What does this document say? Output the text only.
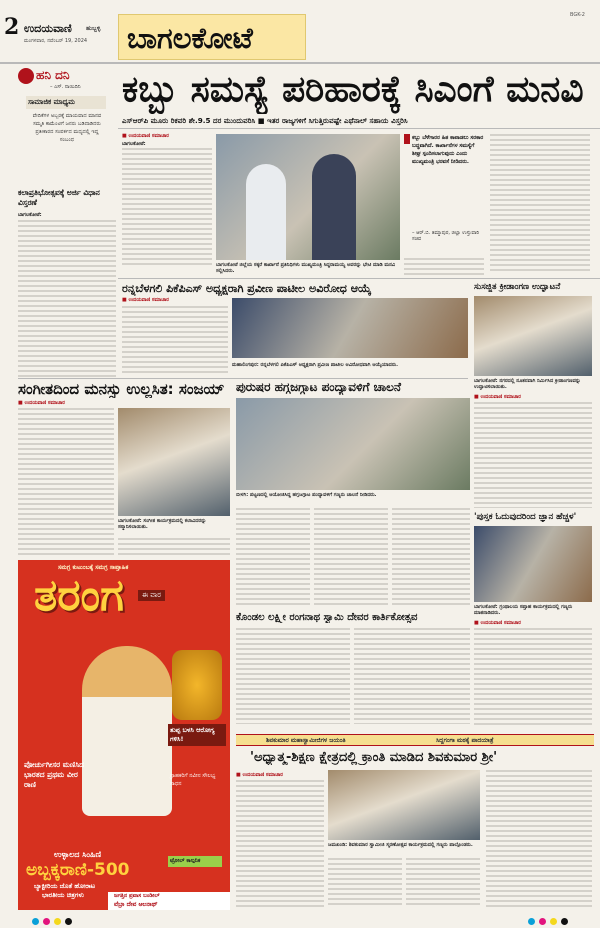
2 ಉದಯವಾಣಿ ಹುಬ್ಬಳ್ಳಿ
ಮಂಗಳವಾರ, ನವೆಂಬರ್ 19, 2024 ಬಾಗಲಕೋಟೆ
BGK-2
ಹನಿ ದನಿ
– ಎಸ್. ನಾಯಿದಿನಿ
ಸಾಮಾಜಿಕ ಮಾಧ್ಯಮ
ವೇದಿಕೆಗಳ ಅಬ್ಬರಕ್ಕೆ ಮಾಯವಾದ ಮಾನವ ಸಮ್ಮತಿ ಕಾಮೆಂಟಿಗೆ ಜನರು ಬಡಿದಾಡಿದರು ಪ್ರತೀಕಾರದ ಸಂಪರ್ಕದ ಮಧ್ಯದಲ್ಲಿ ಇದ್ದ ಸಂಬಂಧ
ಕಲಾಪ್ರತಿಭೋತ್ಸವಕ್ಕೆ ಅರ್ಜಿ ವಿಧಾನ ವಿಸ್ತರಣೆ
ಬಾಗಲಕೋಟೆ:
ಕಬ್ಬು ಸಮಸ್ಯೆ ಪರಿಹಾರಕ್ಕೆ ಸಿಎಂಗೆ ಮನವಿ
ಎಸ್‌ಆರ್‌ಪಿ ಮೂರು ರಿಕವರಿ ಶೇ.9.5 ದರ ಮುಂದುವರಿಸಿ ■ ಇತರ ರಾಜ್ಯಗಳಿಗೆ ಸಿಗುತ್ತಿರುವಷ್ಟೇ ಎಥೆನಾಲ್ ಸಹಾಯ ವಿಸ್ತರಿಸಿ
■ ಉದಯವಾಣಿ ಸಮಾಚಾರ
ಬಾಗಲಕೋಟೆ:
ಬಾಗಲಕೋಟೆ ಜಿಲ್ಲೆಯ ಸಕ್ಕರೆ ಕಾರ್ಖಾನೆ ಪ್ರತಿನಿಧಿಗಳು ಮುಖ್ಯಮಂತ್ರಿ ಸಿದ್ದರಾಮಯ್ಯ ಅವರನ್ನು ಭೇಟಿ ಮಾಡಿ ಮನವಿ ಸಲ್ಲಿಸಿದರು.
ಕಬ್ಬು ಬೆಳೆಗಾರರ ಹಿತ ಕಾಪಾಡಲು ಸರಕಾರ ಬದ್ಧವಾಗಿದೆ. ಕಾರ್ಖಾನೆಗಳ ಸಮಸ್ಯೆಗೆ ಶೀಘ್ರ ಸ್ಪಂದಿಸಲಾಗುವುದು ಎಂದು ಮುಖ್ಯಮಂತ್ರಿ ಭರವಸೆ ನೀಡಿದರು.
– ಆರ್.ಬಿ. ತಿಮ್ಮಾಪುರ, ಜಿಲ್ಲಾ ಉಸ್ತುವಾರಿ ಸಚಿವ
ರನ್ನಬೆಳಗಲಿ ಪಿಕೆಪಿಎಸ್ ಅಧ್ಯಕ್ಷರಾಗಿ ಪ್ರವೀಣ ಪಾಟೀಲ ಅವಿರೋಧ ಆಯ್ಕೆ
■ ಉದಯವಾಣಿ ಸಮಾಚಾರ
ಮಹಾಲಿಂಗಪುರ: ರನ್ನಬೆಳಗಲಿ ಪಿಕೆಪಿಎಸ್ ಅಧ್ಯಕ್ಷರಾಗಿ ಪ್ರವೀಣ ಪಾಟೀಲ ಅವಿರೋಧವಾಗಿ ಆಯ್ಕೆಯಾದರು.
ಸುಸಜ್ಜಿತ ಕ್ರೀಡಾಂಗಣ ಉದ್ಘಾಟನೆ
ಬಾಗಲಕೋಟೆ: ನಗರದಲ್ಲಿ ನೂತನವಾಗಿ ನಿರ್ಮಿಸಿದ ಕ್ರೀಡಾಂಗಣವನ್ನು ಉದ್ಘಾಟಿಸಲಾಯಿತು.
■ ಉದಯವಾಣಿ ಸಮಾಚಾರ
ಸಂಗೀತದಿಂದ ಮನಸ್ಸು ಉಲ್ಲಸಿತ: ಸಂಜಯ್
■ ಉದಯವಾಣಿ ಸಮಾಚಾರ
ಬಾಗಲಕೋಟೆ: ಸಂಗೀತ ಕಾರ್ಯಕ್ರಮದಲ್ಲಿ ಕಲಾವಿದರನ್ನು ಸನ್ಮಾನಿಸಲಾಯಿತು.
ಪುರುಷರ ಹಗ್ಗಜಗ್ಗಾಟ ಪಂದ್ಯಾವಳಿಗೆ ಚಾಲನೆ
ಬೀಳಗಿ: ಪಟ್ಟಣದಲ್ಲಿ ಆಯೋಜಿಸಿದ್ದ ಹಗ್ಗಜಗ್ಗಾಟ ಪಂದ್ಯಾವಳಿಗೆ ಗಣ್ಯರು ಚಾಲನೆ ನೀಡಿದರು.
'ಪುಸ್ತಕ ಓದುವುದರಿಂದ ಜ್ಞಾನ ಹೆಚ್ಚಳ'
ಬಾಗಲಕೋಟೆ: ಗ್ರಂಥಾಲಯ ಸಪ್ತಾಹ ಕಾರ್ಯಕ್ರಮದಲ್ಲಿ ಗಣ್ಯರು ಮಾತನಾಡಿದರು.
■ ಉದಯವಾಣಿ ಸಮಾಚಾರ
ಕೊಂಡಲ ಲಕ್ಷ್ಮೀ ರಂಗನಾಥ ಸ್ವಾಮಿ ದೇವರ ಕಾರ್ತಿಕೋತ್ಸವ
ಶಿವಕುಮಾರ ಮಹಾಸ್ವಾಮೀಜಿಗಳ ಜಯಂತಿ	ಸಿದ್ದಗಂಗಾ ಮಠಕ್ಕೆ ಪಾದಯಾತ್ರೆ
'ಅಧ್ಯಾತ್ಮ-ಶಿಕ್ಷಣ ಕ್ಷೇತ್ರದಲ್ಲಿ ಕ್ರಾಂತಿ ಮಾಡಿದ ಶಿವಕುಮಾರ ಶ್ರೀ'
■ ಉದಯವಾಣಿ ಸಮಾಚಾರ
ಜಮಖಂಡಿ: ಶಿವಕುಮಾರ ಸ್ವಾಮೀಜಿ ಸ್ಮರಣೋತ್ಸವ ಕಾರ್ಯಕ್ರಮದಲ್ಲಿ ಗಣ್ಯರು ಪಾಲ್ಗೊಂಡರು.
ಸಮಗ್ರ ಕುಟುಂಬಕ್ಕೆ ಸಮಗ್ರ ಸಾಪ್ತಾಹಿಕ
ತರಂಗ	ಈ ವಾರ
ಪೋರ್ಚುಗೀಸರ ಮಣಿಸಿದ ಭಾರತದ ಪ್ರಥಮ ವೀರ ರಾಣಿ
ತುಪ್ಪ ಬಳಸಿ ಆರೋಗ್ಯ ಗಳಿಸಿ!
ಗ್ರಾಹಕರಿಗೆ ನವೀನ ಸೌಲಭ್ಯ ಸಾಧನ
ಉಳ್ಳಾಲದ ಸಿಂಹಿಣಿ
ಅಬ್ಬಕ್ಕರಾಣಿ-500
ಬ್ಯಾಕ್ಟೀರಿಯ ಜೊತೆ ಹೋರಾಟ
ಭಾರತೀಯ ಚಿತ್ರಗಳು
ಟ್ರೋಲ್ ಕಾಲ್ಪನಿಕ
ಜಗತ್ತಿನ ಪ್ರವಾಸ ಬಂಡೀಲ್
ವೆಬ್ರಾ ದೇವ ಆಲನಾಥ್
